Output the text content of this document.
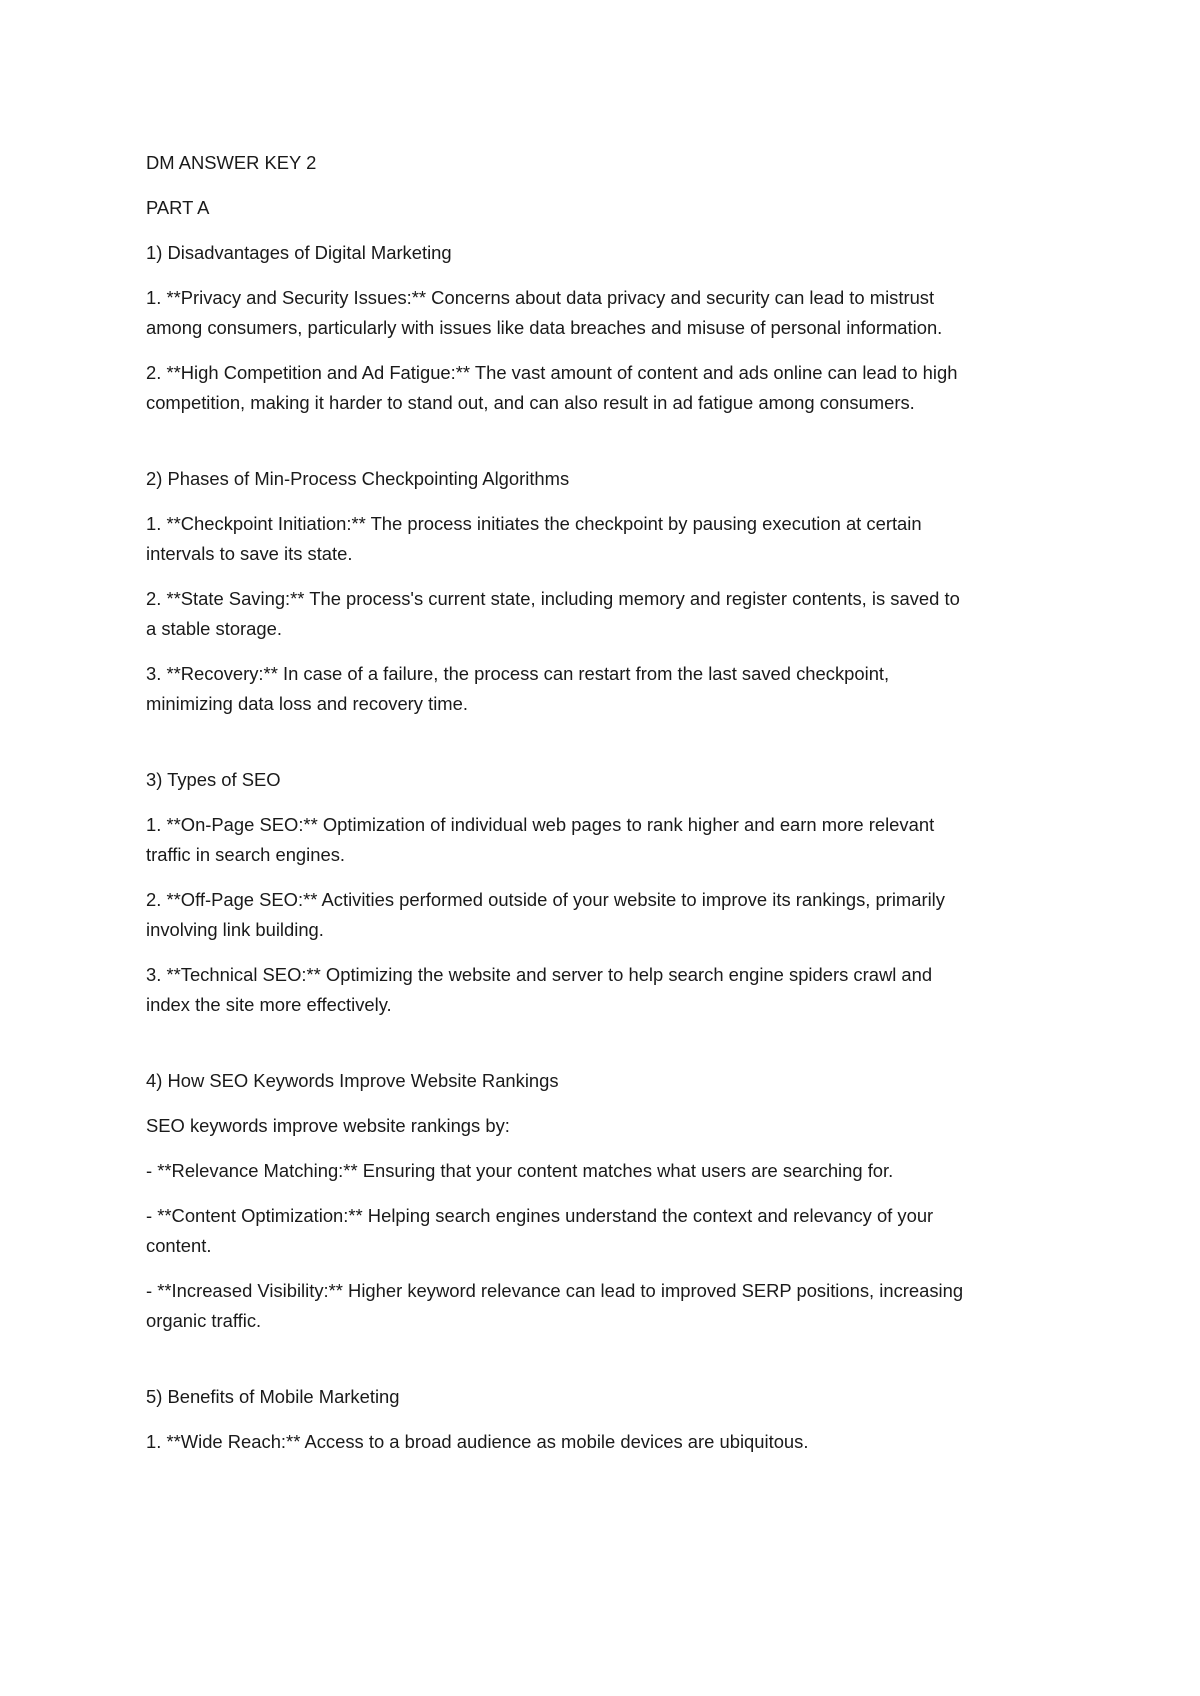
DM ANSWER KEY 2

PART A

1) Disadvantages of Digital Marketing

1. **Privacy and Security Issues:** Concerns about data privacy and security can lead to mistrust
among consumers, particularly with issues like data breaches and misuse of personal information.
2. **High Competition and Ad Fatigue:** The vast amount of content and ads online can lead to high
competition, making it harder to stand out, and can also result in ad fatigue among consumers.

2) Phases of Min-Process Checkpointing Algorithms

1. **Checkpoint Initiation:** The process initiates the checkpoint by pausing execution at certain
intervals to save its state.
2. **State Saving:** The process's current state, including memory and register contents, is saved to
a stable storage.
3. **Recovery:** In case of a failure, the process can restart from the last saved checkpoint,
minimizing data loss and recovery time.

3) Types of SEO

1. **On-Page SEO:** Optimization of individual web pages to rank higher and earn more relevant
traffic in search engines.
2. **Off-Page SEO:** Activities performed outside of your website to improve its rankings, primarily
involving link building.
3. **Technical SEO:** Optimizing the website and server to help search engine spiders crawl and
index the site more effectively.

4) How SEO Keywords Improve Website Rankings

SEO keywords improve website rankings by:

- **Relevance Matching:** Ensuring that your content matches what users are searching for.
- **Content Optimization:** Helping search engines understand the context and relevancy of your
content.
- **Increased Visibility:** Higher keyword relevance can lead to improved SERP positions, increasing
organic traffic.

5) Benefits of Mobile Marketing

1. **Wide Reach:** Access to a broad audience as mobile devices are ubiquitous.
